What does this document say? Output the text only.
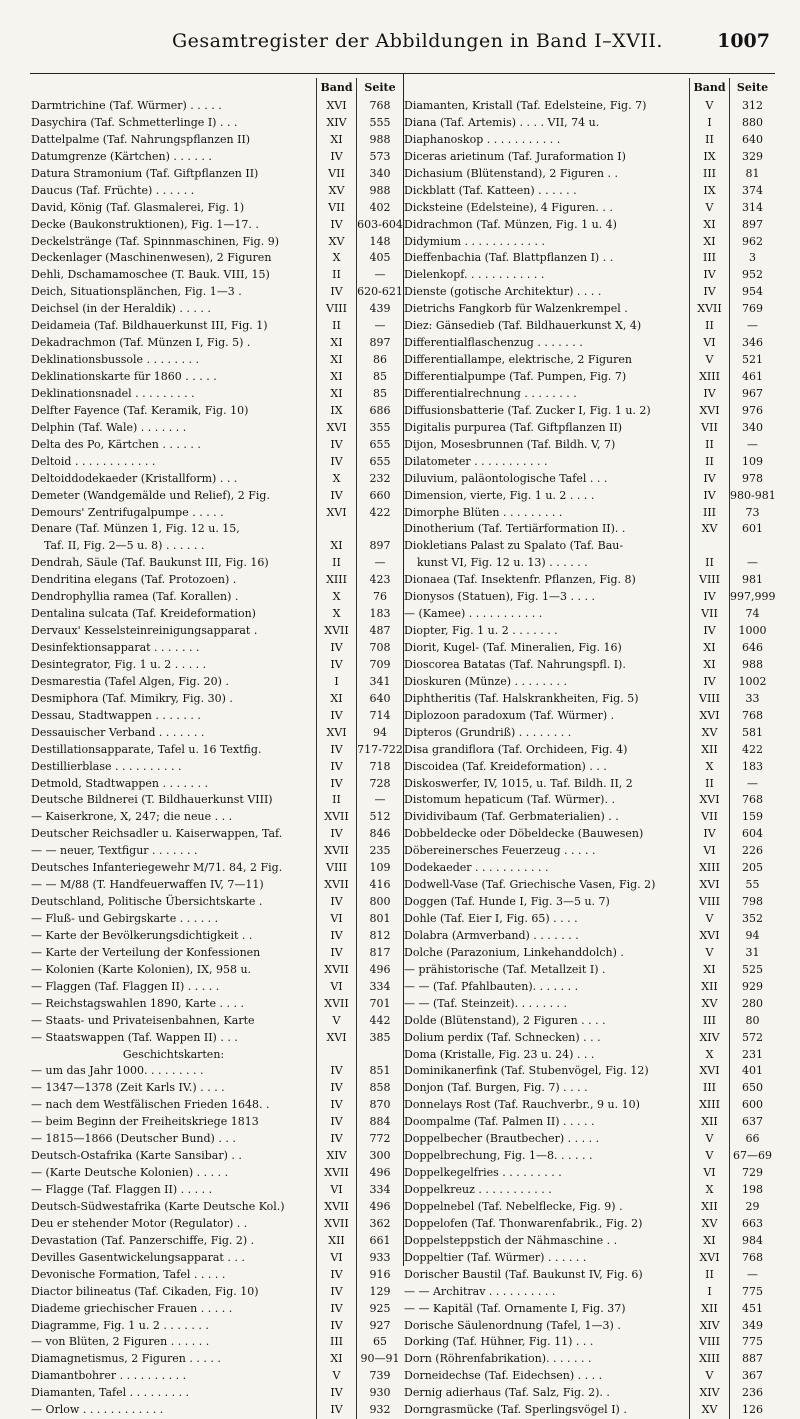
Gesamtregister der Abbildungen in Band I–XVII.	1007
Band	Seite
Darmtrichine (Taf. Würmer) . . . . .	XVI	768
Dasychira (Taf. Schmetterlinge I) . . .	XIV	555
Dattelpalme (Taf. Nahrungspflanzen II)	XI	988
Datumgrenze (Kärtchen) . . . . . .	IV	573
Datura Stramonium (Taf. Giftpflanzen II)	VII	340
Daucus (Taf. Früchte) . . . . . .	XV	988
David, König (Taf. Glasmalerei, Fig. 1)	VII	402
Decke (Baukonstruktionen), Fig. 1—17. .	IV	603-604
Deckelstränge (Taf. Spinnmaschinen, Fig. 9)	XV	148
Deckenlager (Maschinenwesen), 2 Figuren	X	405
Dehli, Dschamamoschee (T. Bauk. VIII, 15)	II	—
Deich, Situationsplänchen, Fig. 1—3 .	IV	620-621
Deichsel (in der Heraldik) . . . . .	VIII	439
Deidameia (Taf. Bildhauerkunst III, Fig. 1)	II	—
Dekadrachmon (Taf. Münzen I, Fig. 5) .	XI	897
Deklinationsbussole . . . . . . . .	XI	86
Deklinationskarte für 1860 . . . . .	XI	85
Deklinationsnadel . . . . . . . . .	XI	85
Delfter Fayence (Taf. Keramik, Fig. 10)	IX	686
Delphin (Taf. Wale) . . . . . . .	XVI	355
Delta des Po, Kärtchen . . . . . .	IV	655
Deltoid . . . . . . . . . . . .	IV	655
Deltoiddodekaeder (Kristallform) . . .	X	232
Demeter (Wandgemälde und Relief), 2 Fig.	IV	660
Demours' Zentrifugalpumpe . . . . .	XVI	422
Denare (Taf. Münzen 1, Fig. 12 u. 15,
Taf. II, Fig. 2—5 u. 8) . . . . . .	XI	897
Dendrah, Säule (Taf. Baukunst III, Fig. 16)	II	—
Dendritina elegans (Taf. Protozoen) .	XIII	423
Dendrophyllia ramea (Taf. Korallen) .	X	76
Dentalina sulcata (Taf. Kreideformation)	X	183
Dervaux' Kesselsteinreinigungsapparat .	XVII	487
Desinfektionsapparat . . . . . . .	IV	708
Desintegrator, Fig. 1 u. 2 . . . . .	IV	709
Desmarestia (Tafel Algen, Fig. 20) .	I	341
Desmiphora (Taf. Mimikry, Fig. 30) .	XI	640
Dessau, Stadtwappen . . . . . . .	IV	714
Dessauischer Verband . . . . . . .	XVI	94
Destillationsapparate, Tafel u. 16 Textfig.	IV	717-722
Destillierblase . . . . . . . . . .	IV	718
Detmold, Stadtwappen . . . . . . .	IV	728
Deutsche Bildnerei (T. Bildhauerkunst VIII)	II	—
— Kaiserkrone, X, 247; die neue . . .	XVII	512
Deutscher Reichsadler u. Kaiserwappen, Taf.	IV	846
— — neuer, Textfigur . . . . . . .	XVII	235
Deutsches Infanteriegewehr M/71. 84, 2 Fig.	VIII	109
— — M/88 (T. Handfeuerwaffen IV, 7—11)	XVII	416
Deutschland, Politische Übersichtskarte .	IV	800
— Fluß- und Gebirgskarte . . . . . .	VI	801
— Karte der Bevölkerungsdichtigkeit . .	IV	812
— Karte der Verteilung der Konfessionen	IV	817
— Kolonien (Karte Kolonien), IX, 958 u.	XVII	496
— Flaggen (Taf. Flaggen II) . . . . .	VI	334
— Reichstagswahlen 1890, Karte . . . .	XVII	701
— Staats- und Privateisenbahnen, Karte	V	442
— Staatswappen (Taf. Wappen II) . . .	XVI	385
Geschichtskarten:
— um das Jahr 1000. . . . . . . . .	IV	851
— 1347—1378 (Zeit Karls IV.) . . . .	IV	858
— nach dem Westfälischen Frieden 1648. .	IV	870
— beim Beginn der Freiheitskriege 1813	IV	884
— 1815—1866 (Deutscher Bund) . . .	IV	772
Deutsch-Ostafrika (Karte Sansibar) . .	XIV	300
— (Karte Deutsche Kolonien) . . . . .	XVII	496
— Flagge (Taf. Flaggen II) . . . . .	VI	334
Deutsch-Südwestafrika (Karte Deutsche Kol.)	XVII	496
Deu er stehender Motor (Regulator) . .	XVII	362
Devastation (Taf. Panzerschiffe, Fig. 2) .	XII	661
Devilles Gasentwickelungsapparat . . .	VI	933
Devonische Formation, Tafel . . . . .	IV	916
Diactor bilineatus (Taf. Cikaden, Fig. 10)	IV	129
Diademe griechischer Frauen . . . . .	IV	925
Diagramme, Fig. 1 u. 2 . . . . . . .	IV	927
— von Blüten, 2 Figuren . . . . . .	III	65
Diamagnetismus, 2 Figuren . . . . .	XI	90—91
Diamantbohrer . . . . . . . . . .	V	739
Diamanten, Tafel . . . . . . . . .	IV	930
— Orlow . . . . . . . . . . . .	IV	932
Band	Seite
Diamanten, Kristall (Taf. Edelsteine, Fig. 7)	V	312
Diana (Taf. Artemis) . . . . VII, 74 u.	I	880
Diaphanoskop . . . . . . . . . . .	II	640
Diceras arietinum (Taf. Juraformation I)	IX	329
Dichasium (Blütenstand), 2 Figuren . .	III	81
Dickblatt (Taf. Katteen) . . . . . .	IX	374
Dicksteine (Edelsteine), 4 Figuren. . .	V	314
Didrachmon (Taf. Münzen, Fig. 1 u. 4)	XI	897
Didymium . . . . . . . . . . . .	XI	962
Dieffenbachia (Taf. Blattpflanzen I) . .	III	3
Dielenkopf. . . . . . . . . . . .	IV	952
Dienste (gotische Architektur) . . . .	IV	954
Dietrichs Fangkorb für Walzenkrempel .	XVII	769
Diez: Gänsedieb (Taf. Bildhauerkunst X, 4)	II	—
Differentialflaschenzug . . . . . . .	VI	346
Differentiallampe, elektrische, 2 Figuren	V	521
Differentialpumpe (Taf. Pumpen, Fig. 7)	XIII	461
Differentialrechnung . . . . . . . .	IV	967
Diffusionsbatterie (Taf. Zucker I, Fig. 1 u. 2)	XVI	976
Digitalis purpurea (Taf. Giftpflanzen II)	VII	340
Dijon, Mosesbrunnen (Taf. Bildh. V, 7)	II	—
Dilatometer . . . . . . . . . . .	II	109
Diluvium, paläontologische Tafel . . .	IV	978
Dimension, vierte, Fig. 1 u. 2 . . . .	IV	980-981
Dimorphe Blüten . . . . . . . . .	III	73
Dinotherium (Taf. Tertiärformation II). .	XV	601
Diokletians Palast zu Spalato (Taf. Bau-
kunst VI, Fig. 12 u. 13) . . . . . .	II	—
Dionaea (Taf. Insektenfr. Pflanzen, Fig. 8)	VIII	981
Dionysos (Statuen), Fig. 1—3 . . . .	IV	997,999
— (Kamee) . . . . . . . . . . .	VII	74
Diopter, Fig. 1 u. 2 . . . . . . .	IV	1000
Diorit, Kugel- (Taf. Mineralien, Fig. 16)	XI	646
Dioscorea Batatas (Taf. Nahrungspfl. I).	XI	988
Dioskuren (Münze) . . . . . . . .	IV	1002
Diphtheritis (Taf. Halskrankheiten, Fig. 5)	VIII	33
Diplozoon paradoxum (Taf. Würmer) .	XVI	768
Dipteros (Grundriß) . . . . . . . .	XV	581
Disa grandiflora (Taf. Orchideen, Fig. 4)	XII	422
Discoidea (Taf. Kreideformation) . . .	X	183
Diskoswerfer, IV, 1015, u. Taf. Bildh. II, 2	II	—
Distomum hepaticum (Taf. Würmer). .	XVI	768
Dividivibaum (Taf. Gerbmaterialien) . .	VII	159
Dobbeldecke oder Döbeldecke (Bauwesen)	IV	604
Döbereinersches Feuerzeug . . . . .	VI	226
Dodekaeder . . . . . . . . . . .	XIII	205
Dodwell-Vase (Taf. Griechische Vasen, Fig. 2)	XVI	55
Doggen (Taf. Hunde I, Fig. 3—5 u. 7)	VIII	798
Dohle (Taf. Eier I, Fig. 65) . . . .	V	352
Dolabra (Armverband) . . . . . . .	XVI	94
Dolche (Parazonium, Linkehanddolch) .	V	31
— prähistorische (Taf. Metallzeit I) .	XI	525
— — (Taf. Pfahlbauten). . . . . . .	XII	929
— — (Taf. Steinzeit). . . . . . . .	XV	280
Dolde (Blütenstand), 2 Figuren . . . .	III	80
Dolium perdix (Taf. Schnecken) . . .	XIV	572
Doma (Kristalle, Fig. 23 u. 24) . . .	X	231
Dominikanerfink (Taf. Stubenvögel, Fig. 12)	XVI	401
Donjon (Taf. Burgen, Fig. 7) . . . .	III	650
Donnelays Rost (Taf. Rauchverbr., 9 u. 10)	XIII	600
Doompalme (Taf. Palmen II) . . . . .	XII	637
Doppelbecher (Brautbecher) . . . . .	V	66
Doppelbrechung, Fig. 1—8. . . . . .	V	67—69
Doppelkegelfries . . . . . . . . .	VI	729
Doppelkreuz . . . . . . . . . . .	X	198
Doppelnebel (Taf. Nebelflecke, Fig. 9) .	XII	29
Doppelofen (Taf. Thonwarenfabrik., Fig. 2)	XV	663
Doppelsteppstich der Nähmaschine . .	XI	984
Doppeltier (Taf. Würmer) . . . . . .	XVI	768
Dorischer Baustil (Taf. Baukunst IV, Fig. 6)	II	—
— — Architrav . . . . . . . . . .	I	775
— — Kapitäl (Taf. Ornamente I, Fig. 37)	XII	451
Dorische Säulenordnung (Tafel, 1—3) .	XIV	349
Dorking (Taf. Hühner, Fig. 11) . . .	VIII	775
Dorn (Röhrenfabrikation). . . . . . .	XIII	887
Dorneidechse (Taf. Eidechsen) . . . .	V	367
Dernig adierhaus (Taf. Salz, Fig. 2). .	XIV	236
Dorngrasmücke (Taf. Sperlingsvögel I) .	XV	126
